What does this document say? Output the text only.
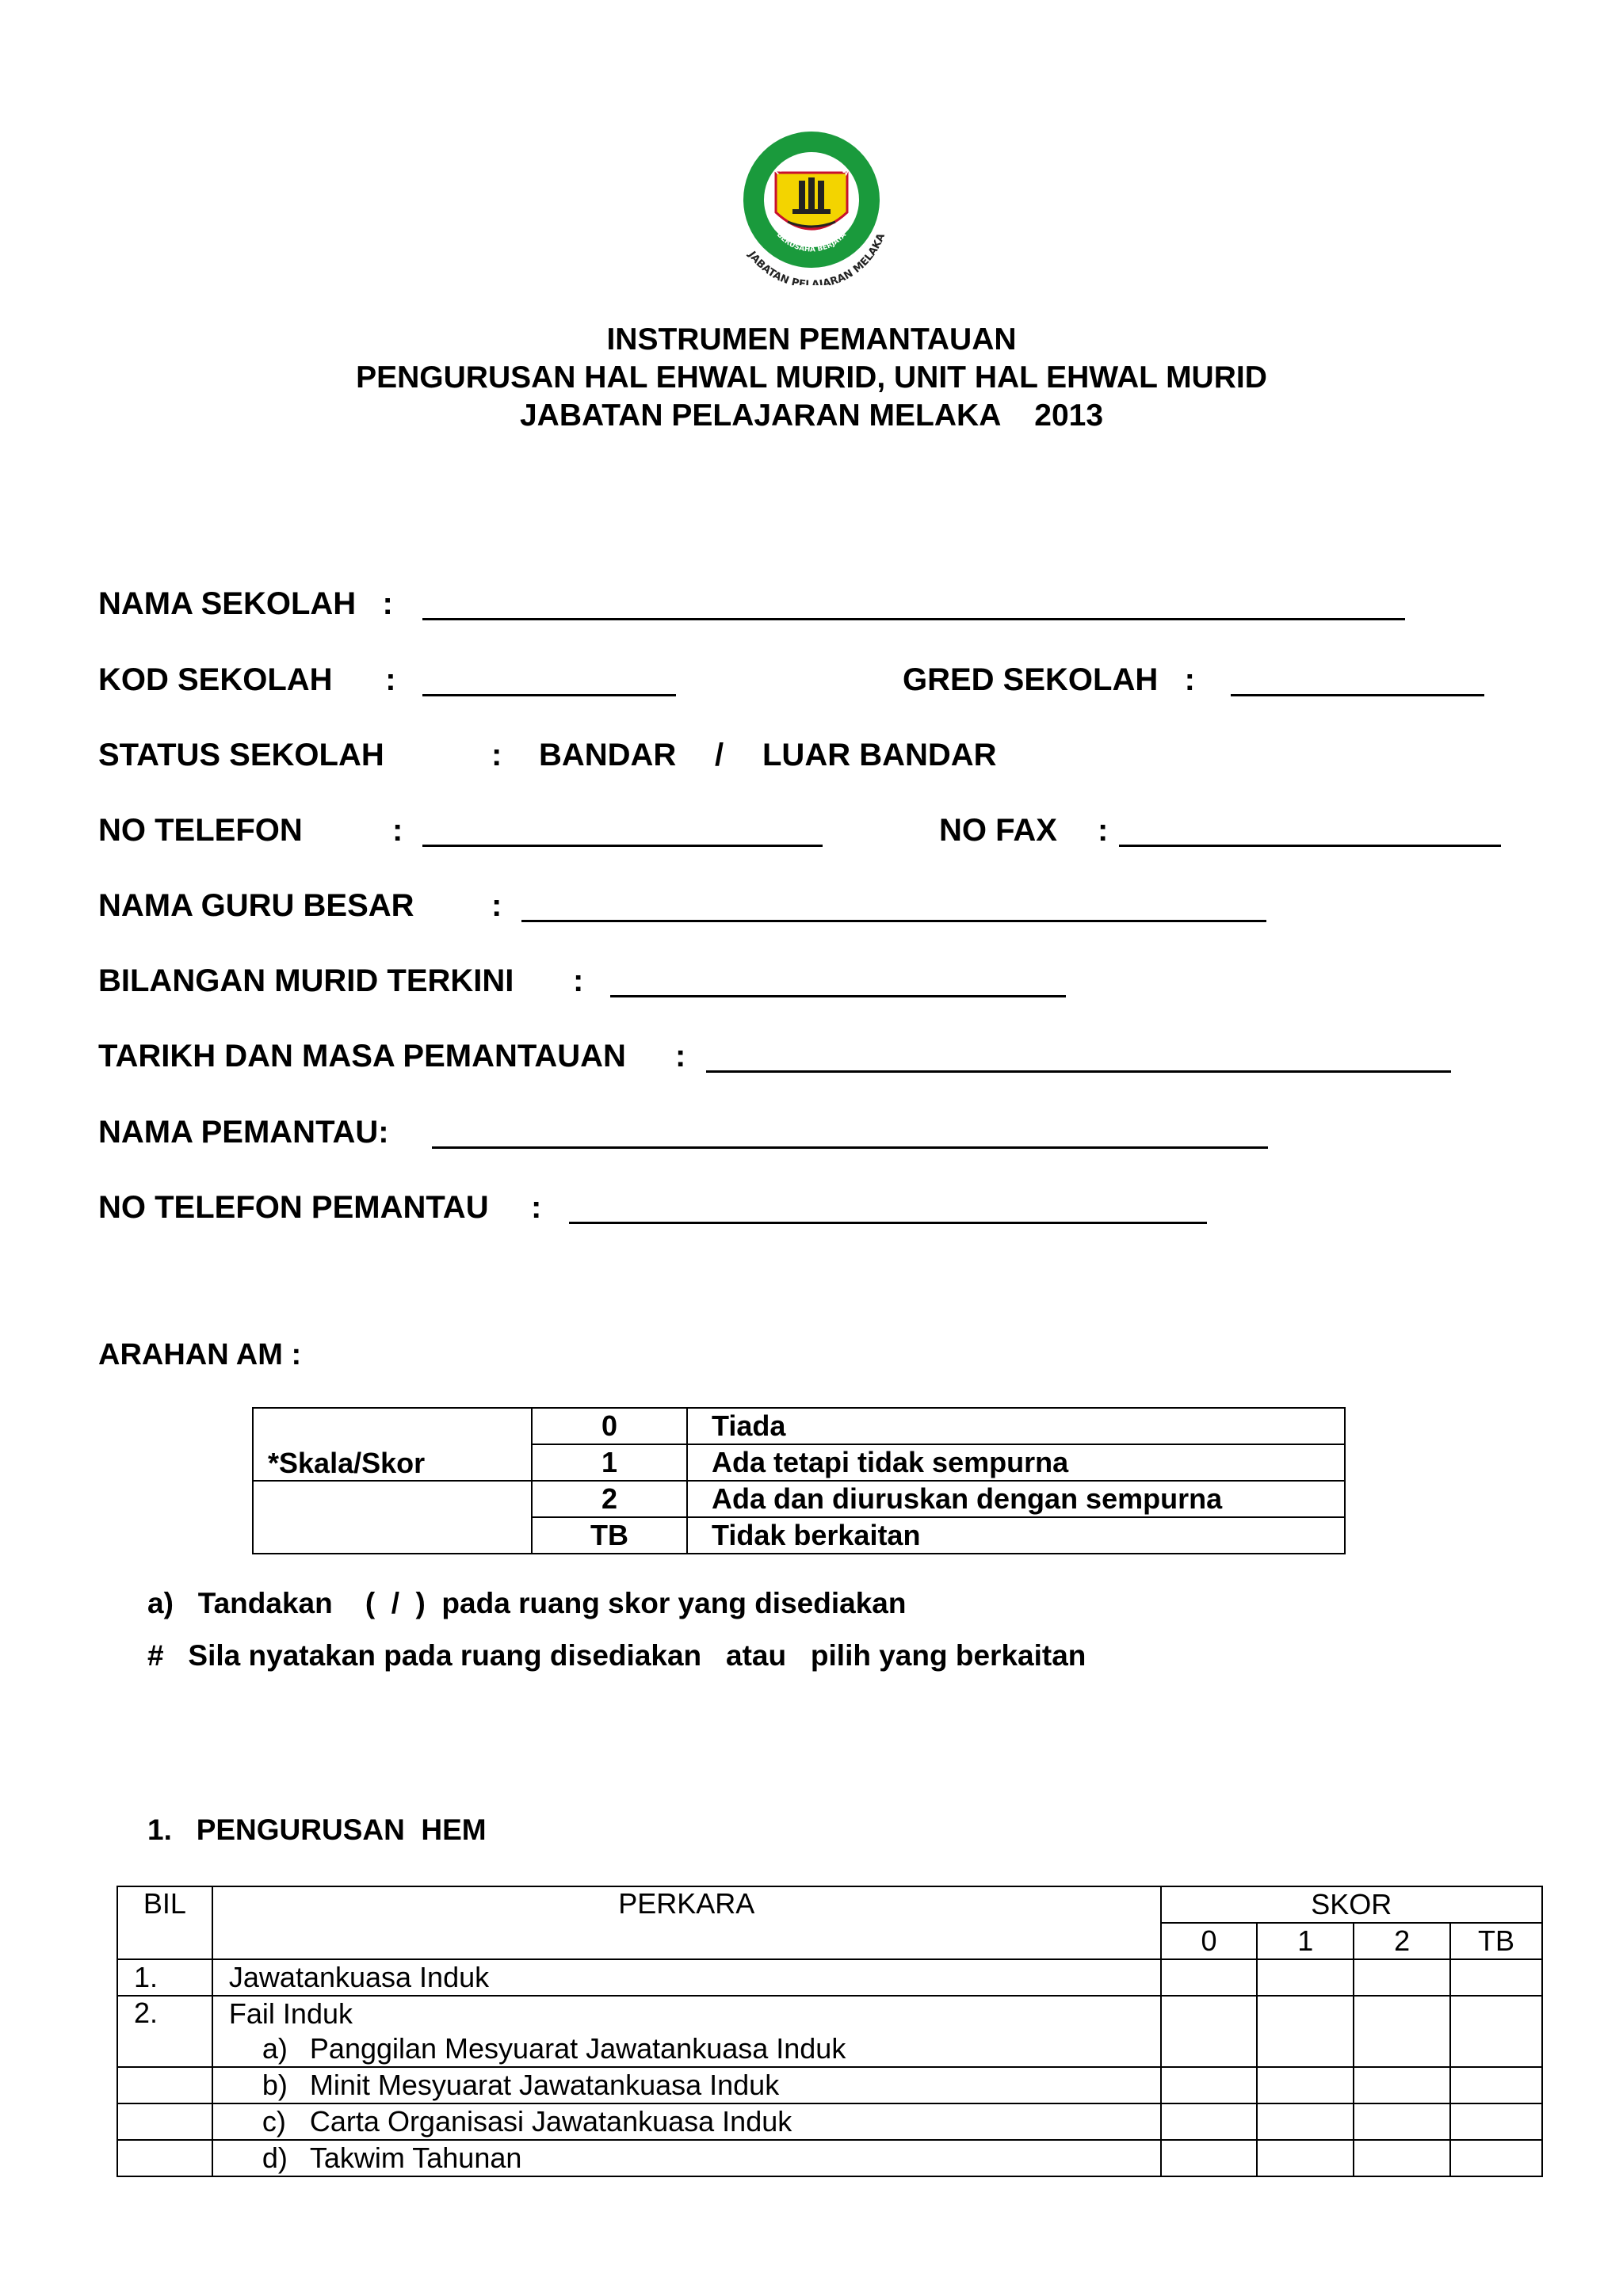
TEKUN BAGAIMANA
BERUSAHA BERJAYA
JABATAN PELAJARAN MELAKA
INSTRUMEN PEMANTAUAN
PENGURUSAN HAL EHWAL MURID, UNIT HAL EHWAL MURID
JABATAN PELAJARAN MELAKA    2013
NAMA SEKOLAH   :
KOD SEKOLAH      :	GRED SEKOLAH   :
STATUS SEKOLAH	: BANDAR / LUAR BANDAR
NO TELEFON	:	NO FAX :
NAMA GURU BESAR :
BILANGAN MURID TERKINI :
TARIKH DAN MASA PEMANTAUAN :
NAMA PEMANTAU:
NO TELEFON PEMANTAU :
ARAHAN AM :
*Skala/Skor	0	Tiada
	1	Ada tetapi tidak sempurna
	2	Ada dan diuruskan dengan sempurna
	TB	Tidak berkaitan
a)   Tandakan    (  /  )  pada ruang skor yang disediakan
#   Sila nyatakan pada ruang disediakan   atau   pilih yang berkaitan
1.   PENGURUSAN  HEM
BIL	PERKARA	SKOR			
		0	1	2	TB
1.	Jawatankuasa Induk				
2.	Fail Induk				
	a) Panggilan Mesyuarat Jawatankuasa Induk				
	b) Minit Mesyuarat Jawatankuasa Induk				
	c) Carta Organisasi Jawatankuasa Induk				
	d) Takwim Tahunan				
